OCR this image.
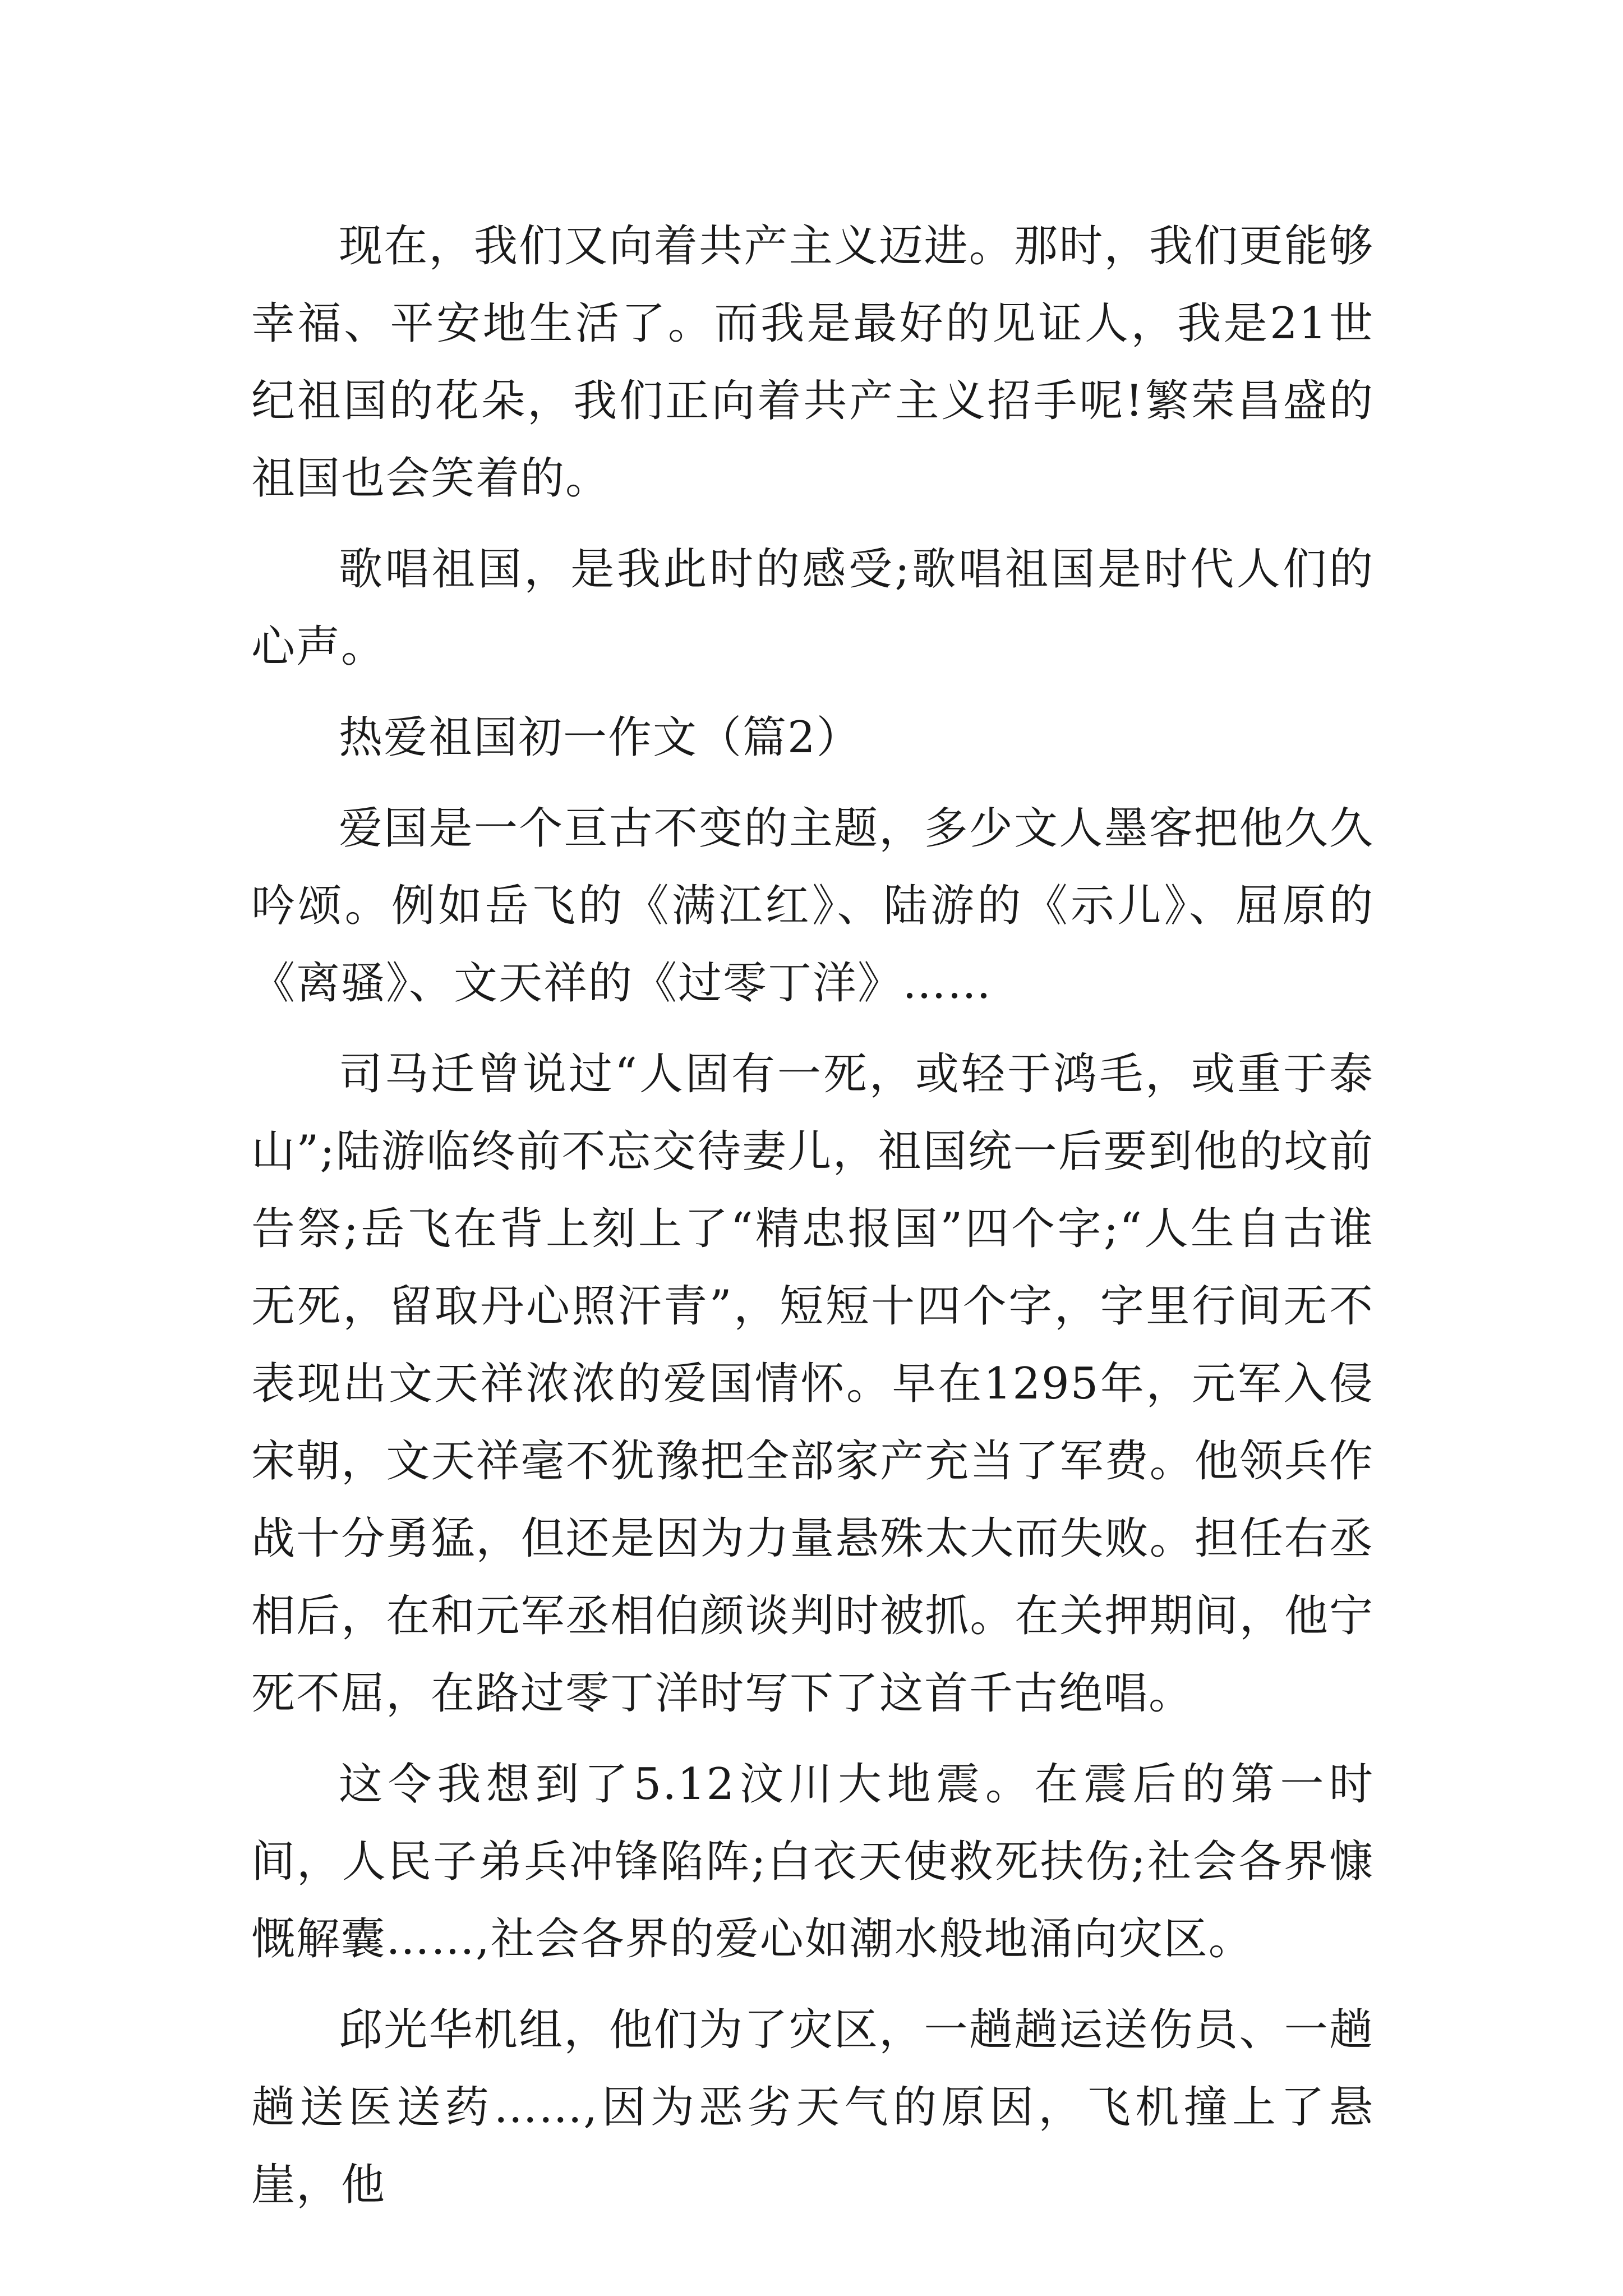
现在，我们又向着共产主义迈进。那时，我们更能够幸福、平安地生活了。而我是最好的见证人，我是21世纪祖国的花朵，我们正向着共产主义招手呢!繁荣昌盛的祖国也会笑着的。

歌唱祖国，是我此时的感受;歌唱祖国是时代人们的心声。

热爱祖国初一作文（篇2）

爱国是一个亘古不变的主题，多少文人墨客把他久久吟颂。例如岳飞的《满江红》、陆游的《示儿》、屈原的《离骚》、文天祥的《过零丁洋》……

司马迁曾说过“人固有一死，或轻于鸿毛，或重于泰山”;陆游临终前不忘交待妻儿，祖国统一后要到他的坟前告祭;岳飞在背上刻上了“精忠报国”四个字;“人生自古谁无死，留取丹心照汗青”，短短十四个字，字里行间无不表现出文天祥浓浓的爱国情怀。早在1295年，元军入侵宋朝，文天祥毫不犹豫把全部家产充当了军费。他领兵作战十分勇猛，但还是因为力量悬殊太大而失败。担任右丞相后，在和元军丞相伯颜谈判时被抓。在关押期间，他宁死不屈，在路过零丁洋时写下了这首千古绝唱。

这令我想到了5.12汶川大地震。在震后的第一时间，人民子弟兵冲锋陷阵;白衣天使救死扶伤;社会各界慷慨解囊……,社会各界的爱心如潮水般地涌向灾区。

邱光华机组，他们为了灾区，一趟趟运送伤员、一趟趟送医送药……,因为恶劣天气的原因，飞机撞上了悬崖，他
